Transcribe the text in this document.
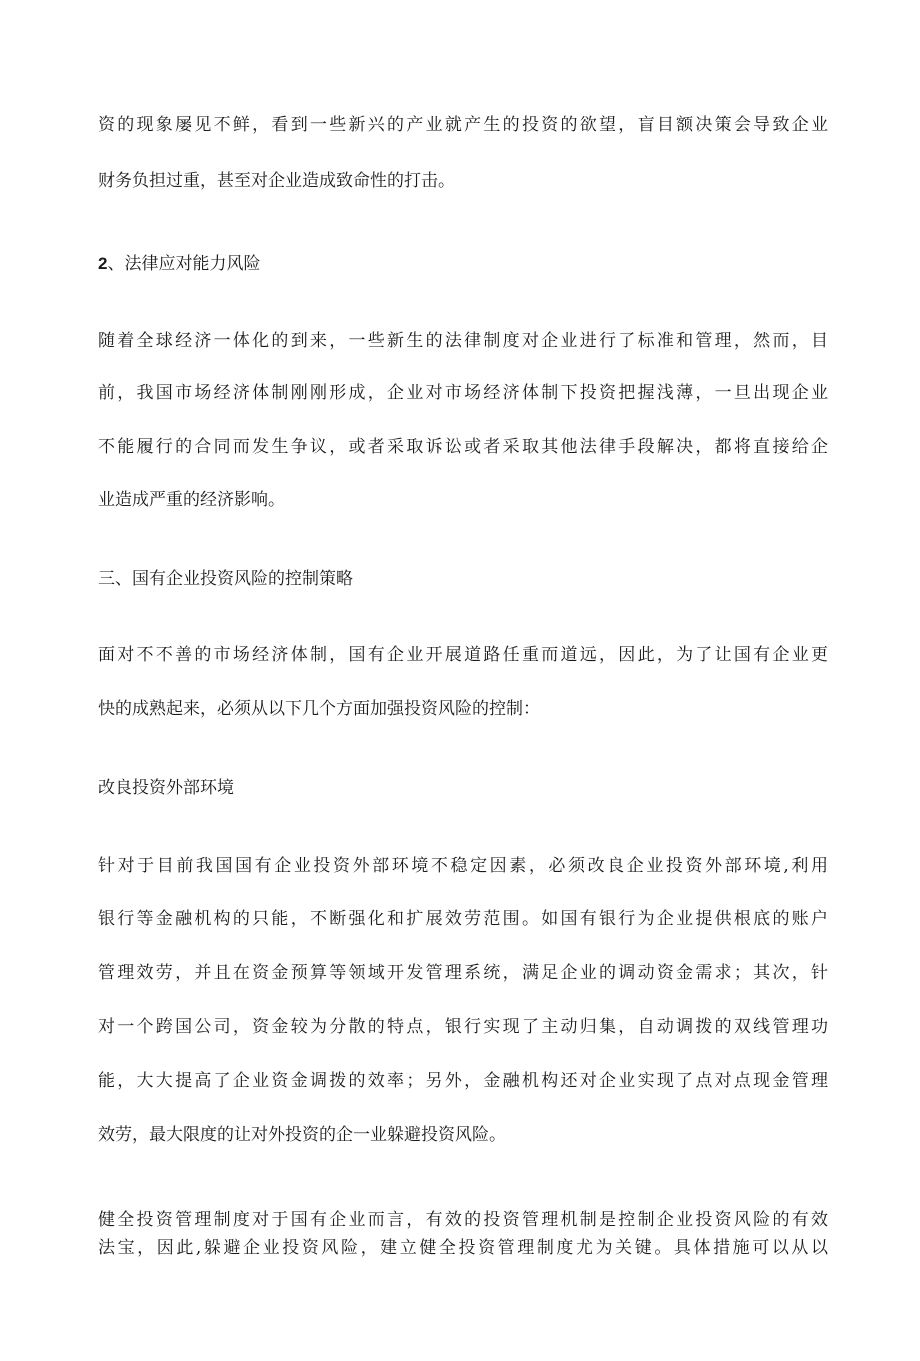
资的现象屡见不鲜，看到一些新兴的产业就产生的投资的欲望，盲目额决策会导致企业
财务负担过重，甚至对企业造成致命性的打击。
2、法律应对能力风险
随着全球经济一体化的到来，一些新生的法律制度对企业进行了标准和管理，然而，目
前，我国市场经济体制刚刚形成，企业对市场经济体制下投资把握浅薄，一旦出现企业
不能履行的合同而发生争议，或者采取诉讼或者采取其他法律手段解决，都将直接给企
业造成严重的经济影响。
三、国有企业投资风险的控制策略
面对不不善的市场经济体制，国有企业开展道路任重而道远，因此，为了让国有企业更
快的成熟起来，必须从以下几个方面加强投资风险的控制：
改良投资外部环境
针对于目前我国国有企业投资外部环境不稳定因素，必须改良企业投资外部环境,利用
银行等金融机构的只能，不断强化和扩展效劳范围。如国有银行为企业提供根底的账户
管理效劳，并且在资金预算等领域开发管理系统，满足企业的调动资金需求；其次，针
对一个跨国公司，资金较为分散的特点，银行实现了主动归集，自动调拨的双线管理功
能，大大提高了企业资金调拨的效率；另外，金融机构还对企业实现了点对点现金管理
效劳，最大限度的让对外投资的企一业躲避投资风险。
健全投资管理制度对于国有企业而言，有效的投资管理机制是控制企业投资风险的有效
法宝，因此,躲避企业投资风险，建立健全投资管理制度尤为关键。具体措施可以从以
